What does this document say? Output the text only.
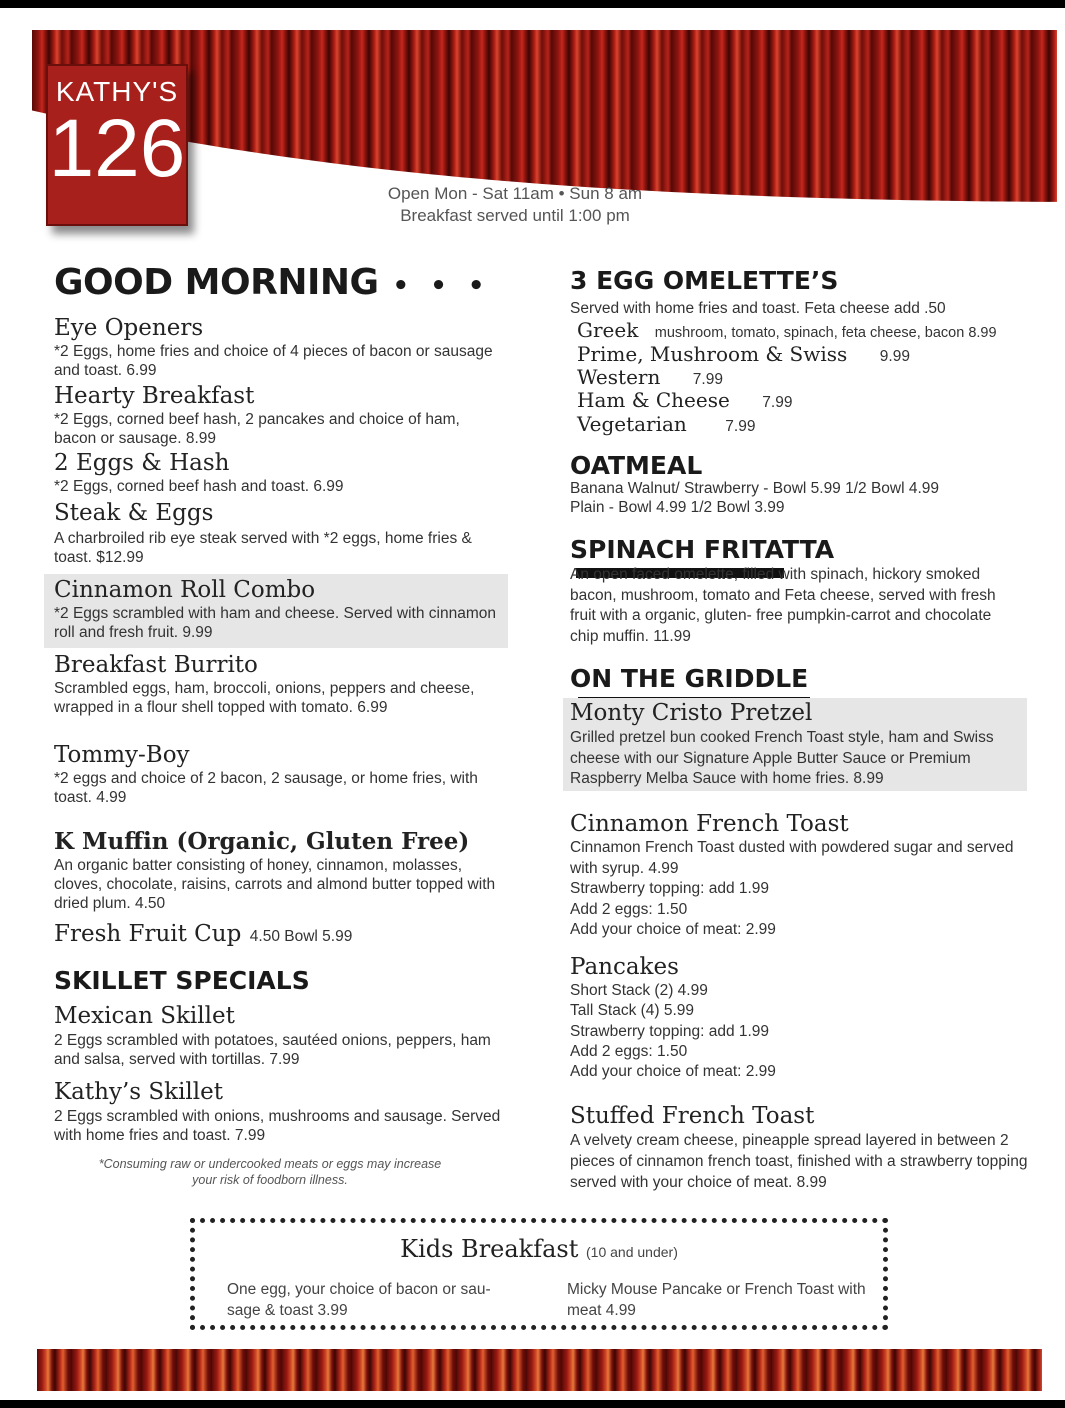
KATHY'S
126	Open Mon - Sat 11am • Sun 8 am
Breakfast served until 1:00 pm
GOOD MORNING • • •
Eye Openers
*2 Eggs, home fries and choice of 4 pieces of bacon or sausage and toast. 6.99
Hearty Breakfast
*2 Eggs, corned beef hash, 2 pancakes and choice of ham, bacon or sausage. 8.99
2 Eggs & Hash
*2 Eggs, corned beef hash and toast. 6.99
Steak & Eggs
A charbroiled rib eye steak served with *2 eggs, home fries & toast. $12.99
Cinnamon Roll Combo
*2 Eggs scrambled with ham and cheese. Served with cinnamon roll and fresh fruit. 9.99
Breakfast Burrito
Scrambled eggs, ham, broccoli, onions, peppers and cheese, wrapped in a flour shell topped with tomato. 6.99
Tommy-Boy
*2 eggs and choice of 2 bacon, 2 sausage, or home fries, with toast. 4.99
K Muffin (Organic, Gluten Free)
An organic batter consisting of honey, cinnamon, molasses, cloves, chocolate, raisins, carrots and almond butter topped with dried plum. 4.50
Fresh Fruit Cup 4.50 Bowl 5.99
SKILLET SPECIALS
Mexican Skillet
2 Eggs scrambled with potatoes, sautéed onions, peppers, ham and salsa, served with tortillas. 7.99
Kathy’s Skillet
2 Eggs scrambled with onions, mushrooms and sausage. Served with home fries and toast. 7.99
*Consuming raw or undercooked meats or eggs may increase
your risk of foodborn illness.
3 EGG OMELETTE’S
Served with home fries and toast. Feta cheese add .50
Greek mushroom, tomato, spinach, feta cheese, bacon 8.99
Prime, Mushroom & Swiss 9.99
Western 7.99
Ham & Cheese 7.99
Vegetarian 7.99
OATMEAL
Banana Walnut/ Strawberry - Bowl 5.99 1/2 Bowl 4.99
Plain - Bowl 4.99 1/2 Bowl 3.99
SPINACH FRITATTA
An open faced omelette, filled with spinach, hickory smoked bacon, mushroom, tomato and Feta cheese, served with fresh fruit with a organic, gluten- free pumpkin-carrot and chocolate chip muffin. 11.99
ON THE GRIDDLE
Monty Cristo Pretzel
Grilled pretzel bun cooked French Toast style, ham and Swiss cheese with our Signature Apple Butter Sauce or Premium Raspberry Melba Sauce with home fries. 8.99
Cinnamon French Toast
Cinnamon French Toast dusted with powdered sugar and served with syrup. 4.99
Strawberry topping: add 1.99
Add 2 eggs: 1.50
Add your choice of meat: 2.99
Pancakes
Short Stack (2) 4.99
Tall Stack (4) 5.99
Strawberry topping: add 1.99
Add 2 eggs: 1.50
Add your choice of meat: 2.99
Stuffed French Toast
A velvety cream cheese, pineapple spread layered in between 2 pieces of cinnamon french toast, finished with a strawberry topping served with your choice of meat. 8.99
Kids Breakfast (10 and under)
One egg, your choice of bacon or sau- sage & toast 3.99
Micky Mouse Pancake or French Toast with meat 4.99
